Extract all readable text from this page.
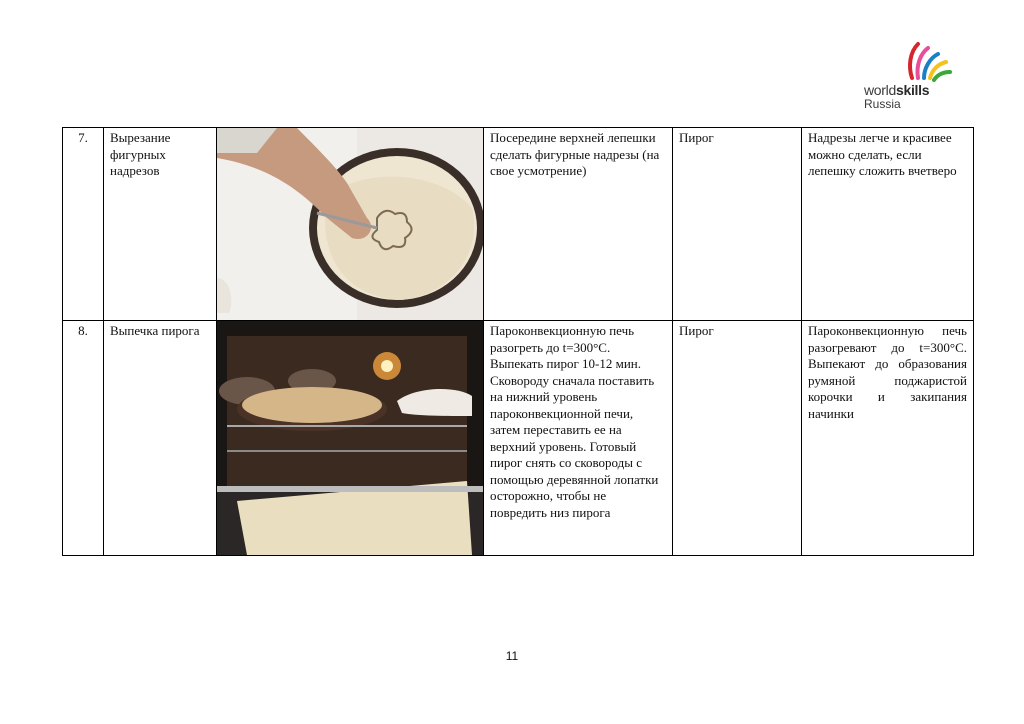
worldskills
Russia
7.	Вырезание фигурных надрезов		Посередине верхней лепешки сделать фигурные надрезы (на свое усмотрение)	Пирог	Надрезы легче и красивее можно сделать, если лепешку сложить вчетверо
8.	Выпечка пирога		Пароконвекционную печь разогреть до t=300°С. Выпекать пирог 10-12 мин. Сковороду сначала поставить на нижний уровень пароконвекционной печи, затем переставить ее на верхний уровень. Готовый пирог снять со сковороды с помощью деревянной лопатки осторожно, чтобы не повредить низ пирога	Пирог	Пароконвекционную печь разогревают до t=300°С. Выпекают до образования румяной поджаристой корочки и закипания начинки
11
